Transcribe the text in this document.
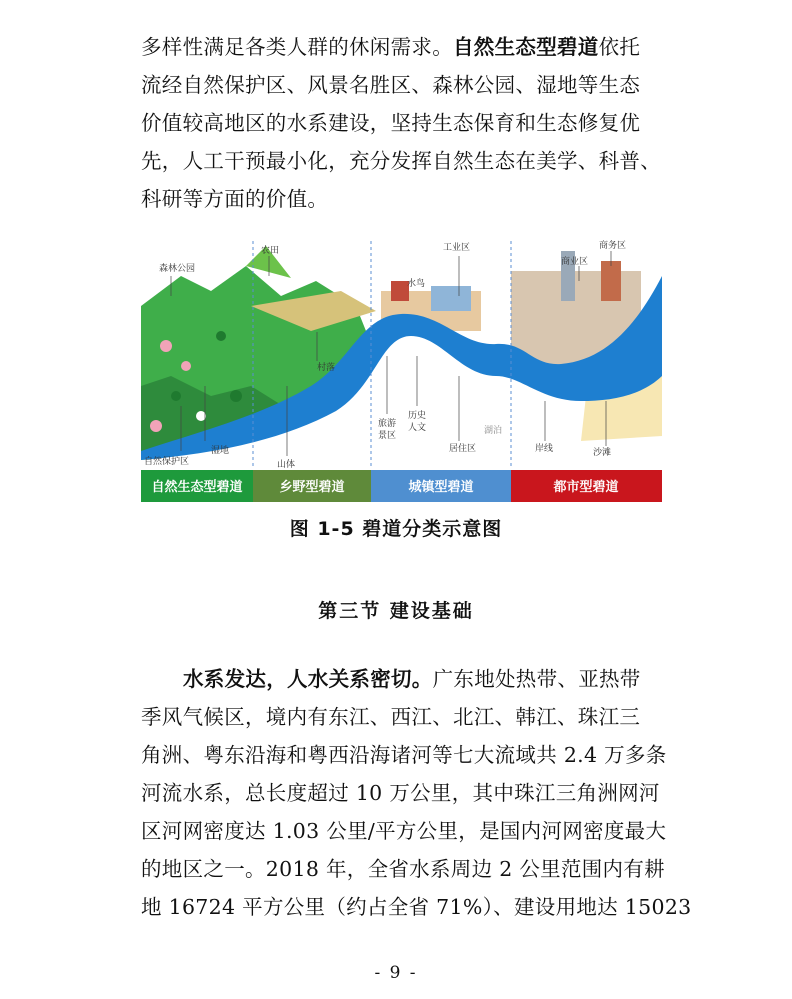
多样性满足各类人群的休闲需求。自然生态型碧道依托
流经自然保护区、风景名胜区、森林公园、湿地等生态
价值较高地区的水系建设，坚持生态保育和生态修复优
先，人工干预最小化，充分发挥自然生态在美学、科普、
科研等方面的价值。
森林公园
农田	工业区
商业区
商务区
水鸟
村落
湿地
自然保护区	山体
旅游
景区
历史
人文
居住区
湖泊
岸线	沙滩
自然生态型碧道	乡野型碧道	城镇型碧道	都市型碧道
图 1-5 碧道分类示意图
第三节 建设基础
水系发达，人水关系密切。广东地处热带、亚热带
季风气候区，境内有东江、西江、北江、韩江、珠江三
角洲、粤东沿海和粤西沿海诸河等七大流域共 2.4 万多条
河流水系，总长度超过 10 万公里，其中珠江三角洲网河
区河网密度达 1.03 公里/平方公里，是国内河网密度最大
的地区之一。2018 年，全省水系周边 2 公里范围内有耕
地 16724 平方公里（约占全省 71%）、建设用地达 15023
- 9 -
